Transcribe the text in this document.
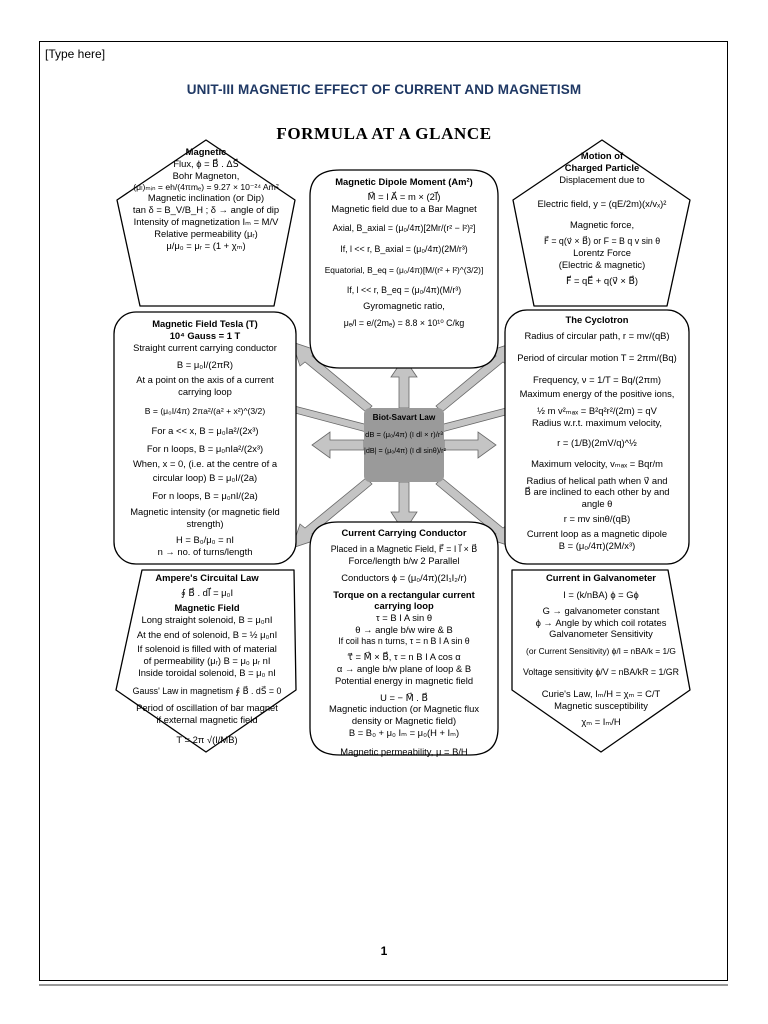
[Type here]
UNIT-III MAGNETIC EFFECT OF CURRENT AND MAGNETISM
FORMULA AT A GLANCE
Biot-Savart Law
dB = (μ₀/4π) (I dl × r)/r³
|dB| = (μ₀/4π) (I dl sinθ)/r²
Magnetic
Flux, ϕ = B⃗ . ΔS⃗
Bohr Magneton,
(μₗ)ₘᵢₙ = eh/(4πmₑ) = 9.27 × 10⁻²⁴ Am²
Magnetic inclination (or Dip)
tan δ = B_V/B_H ; δ → angle of dip
Intensity of magnetization Iₘ = M/V
Relative permeability (μᵣ)
μ/μ₀ = μᵣ = (1 + χₘ)
Magnetic Dipole Moment (Am²)
M⃗ = I A⃗ = m × (2l⃗)
Magnetic field due to a Bar Magnet
Axial, B_axial = (μ₀/4π)[2Mr/(r² − l²)²]
If, l << r, B_axial = (μ₀/4π)(2M/r³)
Equatorial, B_eq = (μ₀/4π)[M/(r² + l²)^(3/2)]
If, l << r, B_eq = (μ₀/4π)(M/r³)
Gyromagnetic ratio,
μₑ/l = e/(2mₑ) = 8.8 × 10¹⁰ C/kg
Motion of
Charged Particle
Displacement due to
Electric field, y = (qE/2m)(x/vₓ)²
Magnetic force,
F⃗ = q(v⃗ × B⃗) or F = B q v sin θ
Lorentz Force
(Electric & magnetic)
F⃗ = qE⃗ + q(v⃗ × B⃗)
Magnetic Field Tesla (T)
10⁴ Gauss = 1 T
Straight current carrying conductor
B = μ₀I/(2πR)
At a point on the axis of a current
carrying loop
B = (μ₀I/4π) 2πa²/(a² + x²)^(3/2)
For a << x, B = μ₀Ia²/(2x³)
For n loops, B = μ₀nIa²/(2x³)
When, x = 0, (i.e. at the centre of a
circular loop) B = μ₀I/(2a)
For n loops, B = μ₀nI/(2a)
Magnetic intensity (or magnetic field
strength)
H = B₀/μ₀ = nI
n → no. of turns/length
The Cyclotron
Radius of circular path, r = mv/(qB)
Period of circular motion T = 2πm/(Bq)
Frequency, ν = 1/T = Bq/(2πm)
Maximum energy of the positive ions,
½ m v²ₘₐₓ = B²q²r²/(2m) = qV
Radius w.r.t. maximum velocity,
r = (1/B)(2mV/q)^½
Maximum velocity, vₘₐₓ = Bqr/m
Radius of helical path when v⃗ and
B⃗ are inclined to each other by and
angle θ
r = mv sinθ/(qB)
Current loop as a magnetic dipole
B = (μ₀/4π)(2M/x³)
Ampere's Circuital Law
∮ B⃗ . dl⃗ = μ₀I
Magnetic Field
Long straight solenoid, B = μ₀nI
At the end of solenoid, B = ½ μ₀nI
If solenoid is filled with of material
of permeability (μᵣ) B = μ₀ μᵣ nI
Inside toroidal solenoid, B = μ₀ nI
Gauss' Law in magnetism ∮ B⃗ . dS⃗ = 0
Period of oscillation of bar magnet
if external magnetic field
T = 2π √(I/MB)
Current Carrying Conductor
Placed in a Magnetic Field, F⃗ = I l⃗ × B⃗
Force/length b/w 2 Parallel
Conductors ϕ = (μ₀/4π)(2I₁I₂/r)
Torque on a rectangular current
carrying loop
τ = B I A sin θ
θ → angle b/w wire & B
If coil has n turns, τ = n B I A sin θ
τ⃗ = M⃗ × B⃗, τ = n B I A cos α
α → angle b/w plane of loop & B
Potential energy in magnetic field
U = − M⃗ . B⃗
Magnetic induction (or Magnetic flux
density or Magnetic field)
B = B₀ + μ₀ Iₘ = μ₀(H + Iₘ)
Magnetic permeability, μ = B/H
Current in Galvanometer
I = (k/nBA) ϕ = Gϕ
G → galvanometer constant
ϕ → Angle by which coil rotates
Galvanometer Sensitivity
(or Current Sensitivity) ϕ/I = nBA/k = 1/G
Voltage sensitivity ϕ/V = nBA/kR = 1/GR
Curie's Law, Iₘ/H = χₘ = C/T
Magnetic susceptibility
χₘ = Iₘ/H
1
